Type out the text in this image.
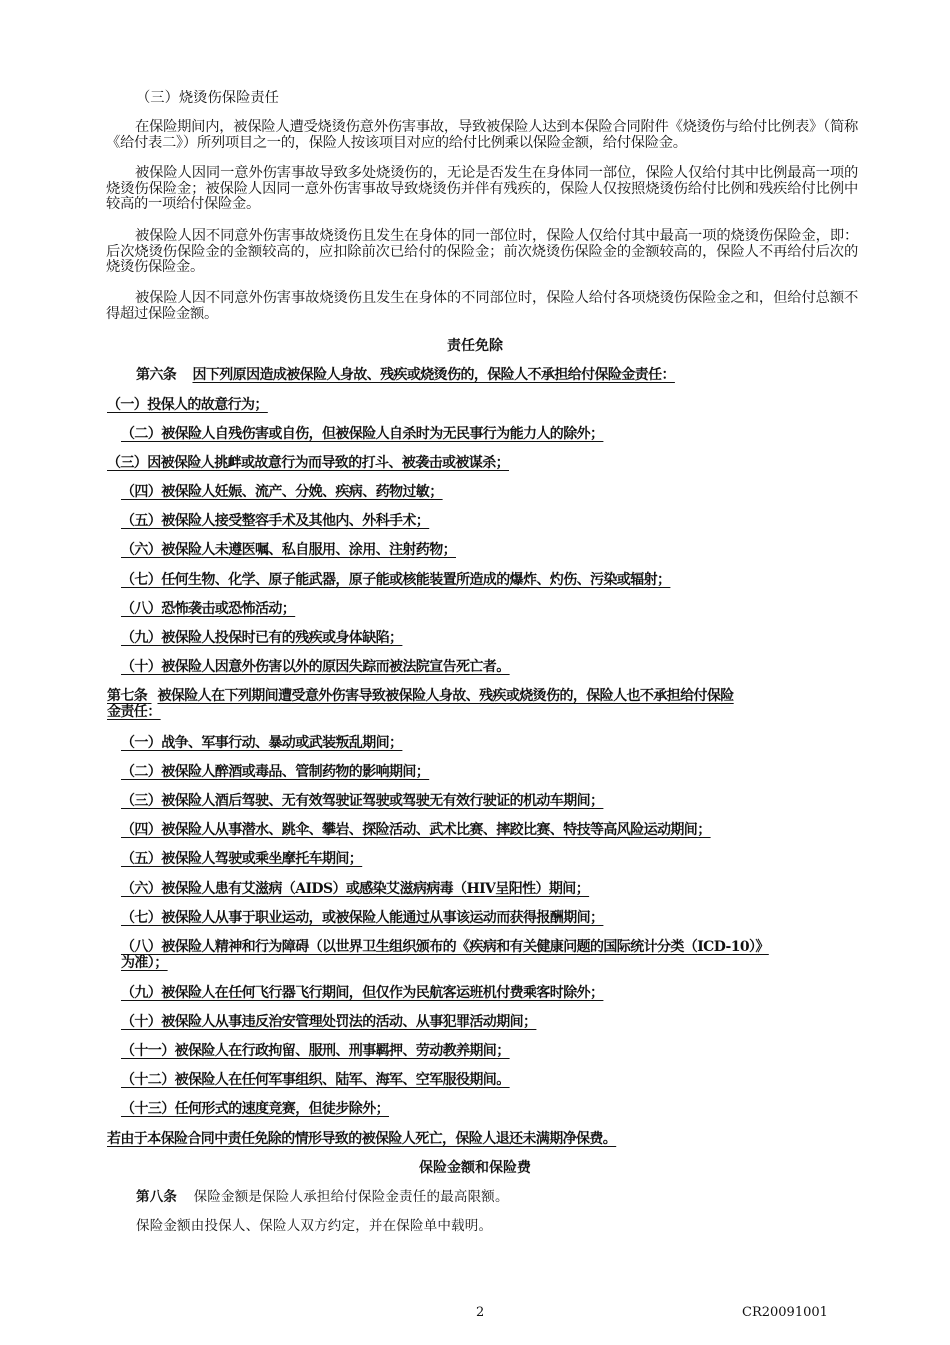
（三）烧烫伤保险责任
在保险期间内，被保险人遭受烧烫伤意外伤害事故，导致被保险人达到本保险合同附件《烧烫伤与给付比例表》（简称《给付表二》）所列项目之一的，保险人按该项目对应的给付比例乘以保险金额，给付保险金。
被保险人因同一意外伤害事故导致多处烧烫伤的，无论是否发生在身体同一部位，保险人仅给付其中比例最高一项的烧烫伤保险金；被保险人因同一意外伤害事故导致烧烫伤并伴有残疾的，保险人仅按照烧烫伤给付比例和残疾给付比例中较高的一项给付保险金。
被保险人因不同意外伤害事故烧烫伤且发生在身体的同一部位时，保险人仅给付其中最高一项的烧烫伤保险金，即：后次烧烫伤保险金的金额较高的，应扣除前次已给付的保险金；前次烧烫伤保险金的金额较高的，保险人不再给付后次的烧烫伤保险金。
被保险人因不同意外伤害事故烧烫伤且发生在身体的不同部位时，保险人给付各项烧烫伤保险金之和，但给付总额不得超过保险金额。
责任免除
第六条 因下列原因造成被保险人身故、残疾或烧烫伤的，保险人不承担给付保险金责任：
（一）投保人的故意行为；
（二）被保险人自残伤害或自伤，但被保险人自杀时为无民事行为能力人的除外；
（三）因被保险人挑衅或故意行为而导致的打斗、被袭击或被谋杀；
（四）被保险人妊娠、流产、分娩、疾病、药物过敏；
（五）被保险人接受整容手术及其他内、外科手术；
（六）被保险人未遵医嘱、私自服用、涂用、注射药物；
（七）任何生物、化学、原子能武器，原子能或核能装置所造成的爆炸、灼伤、污染或辐射；
（八）恐怖袭击或恐怖活动；
（九）被保险人投保时已有的残疾或身体缺陷；
（十）被保险人因意外伤害以外的原因失踪而被法院宣告死亡者。
第七条 被保险人在下列期间遭受意外伤害导致被保险人身故、残疾或烧烫伤的，保险人也不承担给付保险
金责任：
（一）战争、军事行动、暴动或武装叛乱期间；
（二）被保险人醉酒或毒品、管制药物的影响期间；
（三）被保险人酒后驾驶、无有效驾驶证驾驶或驾驶无有效行驶证的机动车期间；
（四）被保险人从事潜水、跳伞、攀岩、探险活动、武术比赛、摔跤比赛、特技等高风险运动期间；
（五）被保险人驾驶或乘坐摩托车期间；
（六）被保险人患有艾滋病（AIDS）或感染艾滋病病毒（HIV呈阳性）期间；
（七）被保险人从事于职业运动，或被保险人能通过从事该运动而获得报酬期间；
（八）被保险人精神和行为障碍（以世界卫生组织颁布的《疾病和有关健康问题的国际统计分类（ICD-10）》
为准）；
（九）被保险人在任何飞行器飞行期间，但仅作为民航客运班机付费乘客时除外；
（十）被保险人从事违反治安管理处罚法的活动、从事犯罪活动期间；
（十一）被保险人在行政拘留、服刑、刑事羁押、劳动教养期间；
（十二）被保险人在任何军事组织、陆军、海军、空军服役期间。
（十三）任何形式的速度竞赛，但徒步除外；
若由于本保险合同中责任免除的情形导致的被保险人死亡，保险人退还未满期净保费。
保险金额和保险费
第八条 保险金额是保险人承担给付保险金责任的最高限额。
保险金额由投保人、保险人双方约定，并在保险单中载明。
2	CR20091001
